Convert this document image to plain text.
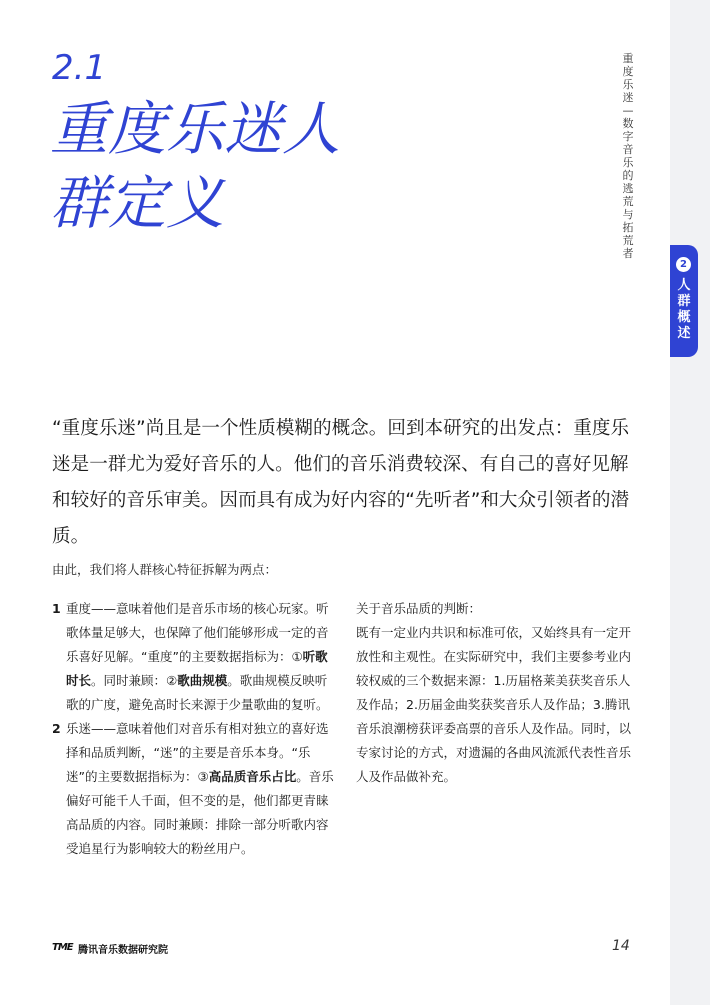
重度乐迷—数字音乐的逃荒与拓荒者
2
人群概述
2.1
重度乐迷人群定义

“重度乐迷”尚且是一个性质模糊的概念。回到本研究的出发点：重度乐迷是一群尤为爱好音乐的人。他们的音乐消费较深、有自己的喜好见解和较好的音乐审美。因而具有成为好内容的“先听者”和大众引领者的潜质。

由此，我们将人群核心特征拆解为两点：

1 重度——意味着他们是音乐市场的核心玩家。听歌体量足够大，也保障了他们能够形成一定的音乐喜好见解。“重度”的主要数据指标为：①听歌时长。同时兼顾：②歌曲规模。歌曲规模反映听歌的广度，避免高时长来源于少量歌曲的复听。

2 乐迷——意味着他们对音乐有相对独立的喜好选择和品质判断，“迷”的主要是音乐本身。“乐迷”的主要数据指标为：③高品质音乐占比。音乐偏好可能千人千面，但不变的是，他们都更青睐高品质的内容。同时兼顾：排除一部分听歌内容受追星行为影响较大的粉丝用户。

关于音乐品质的判断：
既有一定业内共识和标准可依，又始终具有一定开放性和主观性。在实际研究中，我们主要参考业内较权威的三个数据来源：1.历届格莱美获奖音乐人及作品；2.历届金曲奖获奖音乐人及作品；3.腾讯音乐浪潮榜获评委高票的音乐人及作品。同时，以专家讨论的方式，对遗漏的各曲风流派代表性音乐人及作品做补充。
TME 腾讯音乐数据研究院	14
